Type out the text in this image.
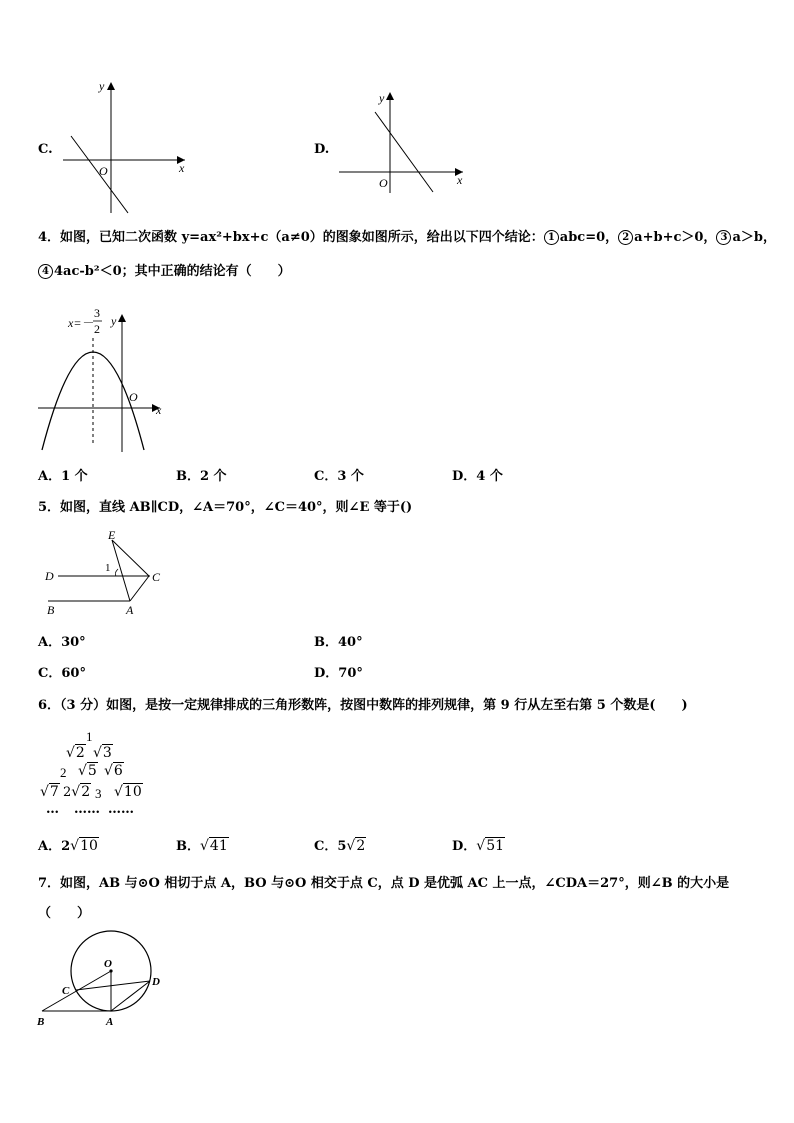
C.
x
y
O
D.
x
y
O
4．如图，已知二次函数 y=ax²+bx+c（a≠0）的图象如图所示，给出以下四个结论： 1 abc=0， 2 a+b+c＞0， 3 a＞b，
4 4ac-b²＜0；其中正确的结论有（　　）
x=－
3
2
y
x
O
A．1 个	B．2 个	C．3 个	D．4 个
5．如图，直线 AB∥CD，∠A＝70°，∠C＝40°，则∠E 等于()
E
D	C
B	A
1
A．30°	B．40°
C．60°	D．70°
6．（3 分）如图，是按一定规律排成的三角形数阵，按图中数阵的排列规律，第 9 行从左至右第 5 个数是(　　)
1
√2 √3
2 √5 √6
√7 2√2 3 √10
… …… ……
A．2√10	B．√41	C．5√2	D．√51
7．如图，AB 与⊙O 相切于点 A，BO 与⊙O 相交于点 C，点 D 是优弧 AC 上一点，∠CDA＝27°，则∠B 的大小是
（　　）
O
C
D
B	A
